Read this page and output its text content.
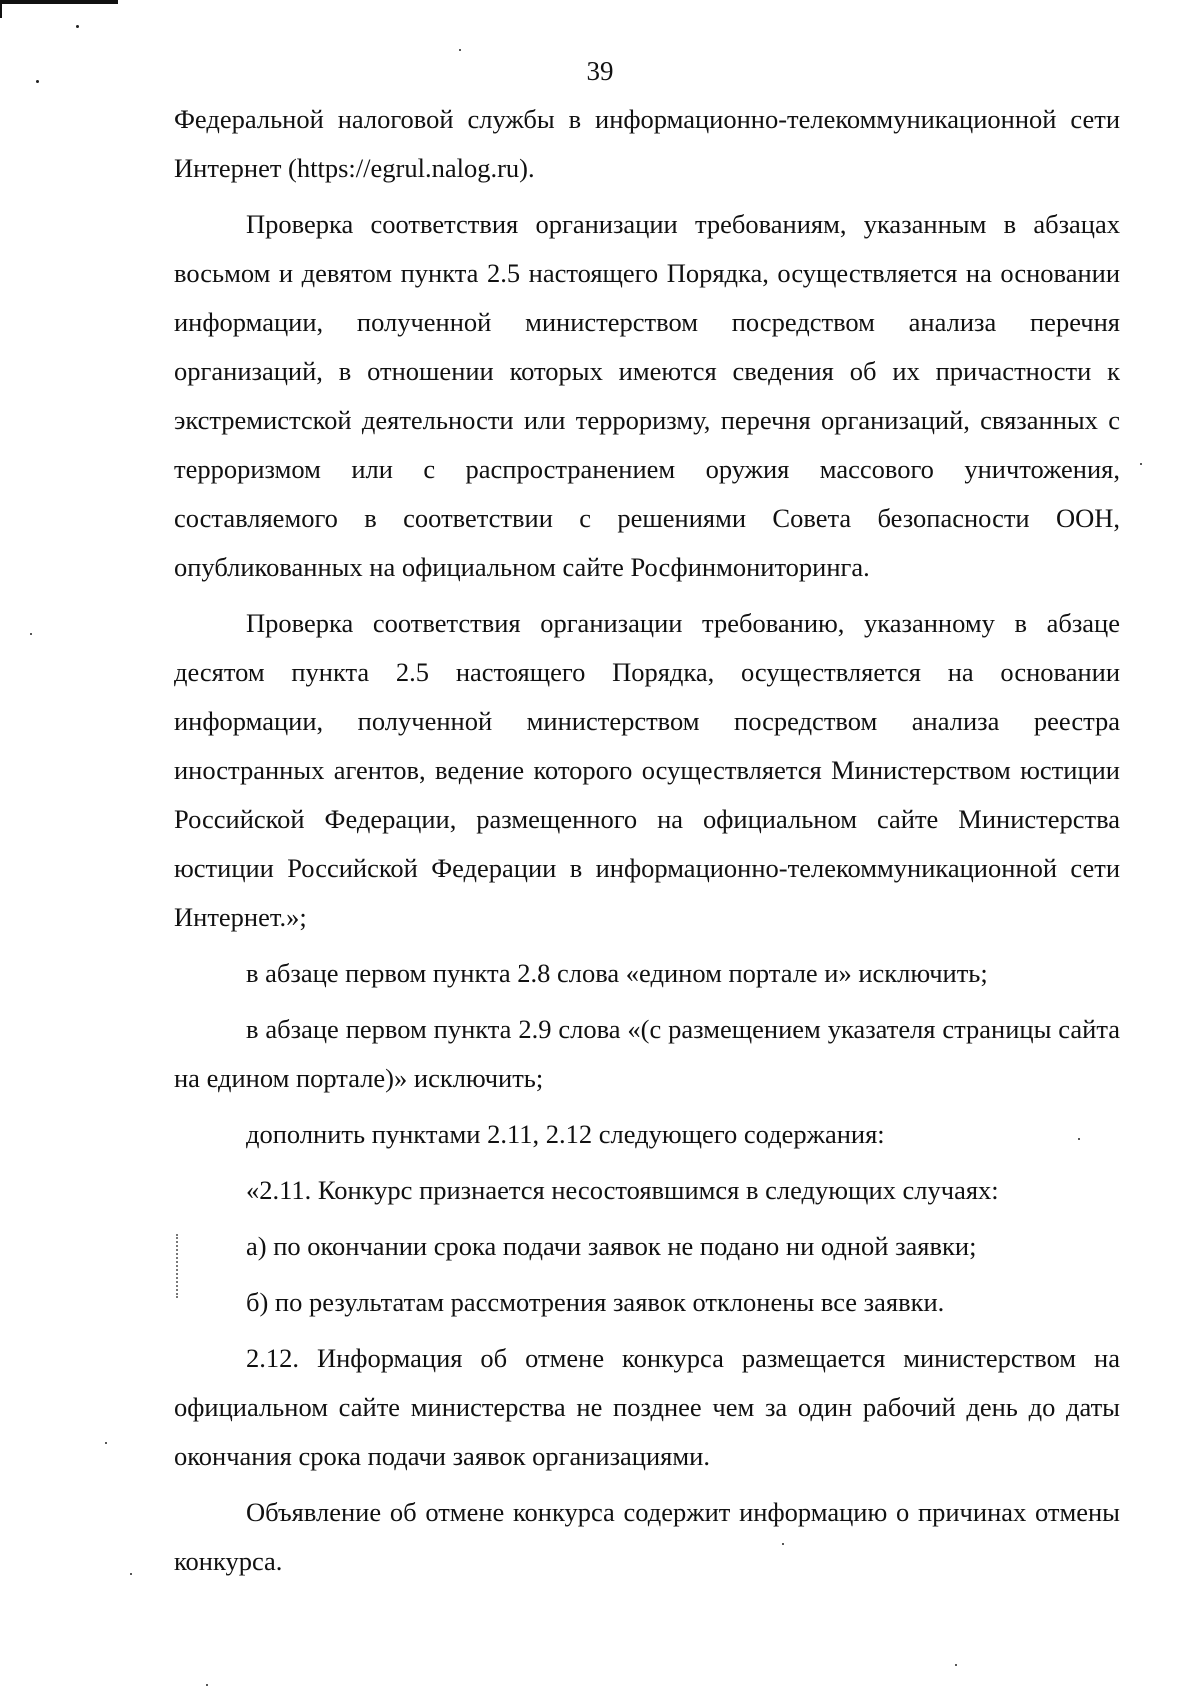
39

Федеральной налоговой службы в информационно-телекоммуникационной сети Интернет (https://egrul.nalog.ru).

Проверка соответствия организации требованиям, указанным в абзацах восьмом и девятом пункта 2.5 настоящего Порядка, осуществляется на основании информации, полученной министерством посредством анализа перечня организаций, в отношении которых имеются сведения об их причастности к экстремистской деятельности или терроризму, перечня организаций, связанных с терроризмом или с распространением оружия массового уничтожения, составляемого в соответствии с решениями Совета безопасности ООН, опубликованных на официальном сайте Росфинмониторинга.

Проверка соответствия организации требованию, указанному в абзаце десятом пункта 2.5 настоящего Порядка, осуществляется на основании информации, полученной министерством посредством анализа реестра иностранных агентов, ведение которого осуществляется Министерством юстиции Российской Федерации, размещенного на официальном сайте Министерства юстиции Российской Федерации в информационно-телекоммуникационной сети Интернет.»;

в абзаце первом пункта 2.8 слова «едином портале и» исключить;

в абзаце первом пункта 2.9 слова «(с размещением указателя страницы сайта на едином портале)» исключить;

дополнить пунктами 2.11, 2.12 следующего содержания:

«2.11. Конкурс признается несостоявшимся в следующих случаях:

а) по окончании срока подачи заявок не подано ни одной заявки;

б) по результатам рассмотрения заявок отклонены все заявки.

2.12. Информация об отмене конкурса размещается министерством на официальном сайте министерства не позднее чем за один рабочий день до даты окончания срока подачи заявок организациями.

Объявление об отмене конкурса содержит информацию о причинах отмены конкурса.
